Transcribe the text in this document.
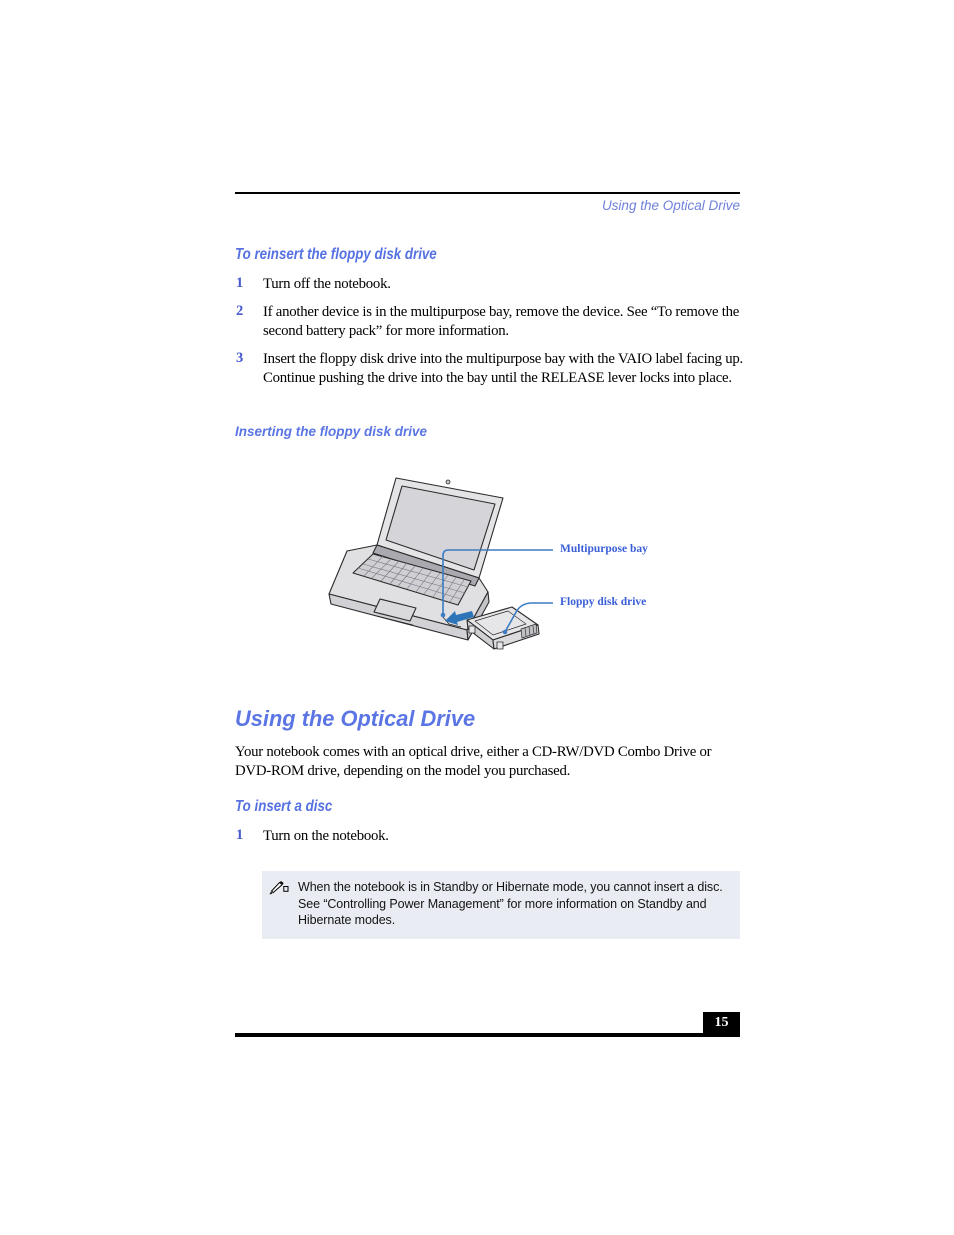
Using the Optical Drive
To reinsert the floppy disk drive
1 Turn off the notebook.
2 If another device is in the multipurpose bay, remove the device. See “To remove the second battery pack” for more information.
3 Insert the floppy disk drive into the multipurpose bay with the VAIO label facing up. Continue pushing the drive into the bay until the RELEASE lever locks into place.
Inserting the floppy disk drive
Multipurpose bay
Floppy disk drive
Using the Optical Drive

Your notebook comes with an optical drive, either a CD-RW/DVD Combo Drive or DVD-ROM drive, depending on the model you purchased.

To insert a disc
1 Turn on the notebook.
When the notebook is in Standby or Hibernate mode, you cannot insert a disc. See “Controlling Power Management” for more information on Standby and Hibernate modes.
15
